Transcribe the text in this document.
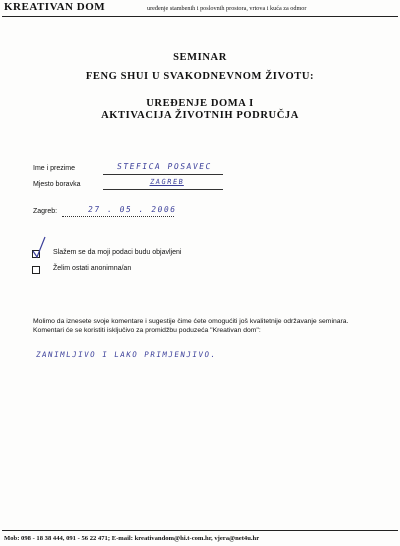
KREATIVAN DOM	uređenje stambenih i poslovnih prostora, vrtova i kuća za odmor
SEMINAR
FENG SHUI U SVAKODNEVNOM ŽIVOTU:
UREĐENJE DOMA I
AKTIVACIJA ŽIVOTNIH PODRUČJA
Ime i prezime	STEFICA POSAVEC
Mjesto boravka	ZAGREB
Zagreb:	27 . 05 . 2006
Slažem se da moji podaci budu objavljeni
Želim ostati anonimna/an
Molimo da iznesete svoje komentare i sugestije čime ćete omogućiti još kvalitetnije održavanje seminara. Komentari će se koristiti isključivo za promidžbu poduzeća "Kreativan dom":
ZANIMLJIVO I LAKO PRIMJENJIVO.
Mob: 098 - 18 38 444, 091 - 56 22 471; E-mail: kreativandom@hi.t-com.hr, vjera@net4u.hr
